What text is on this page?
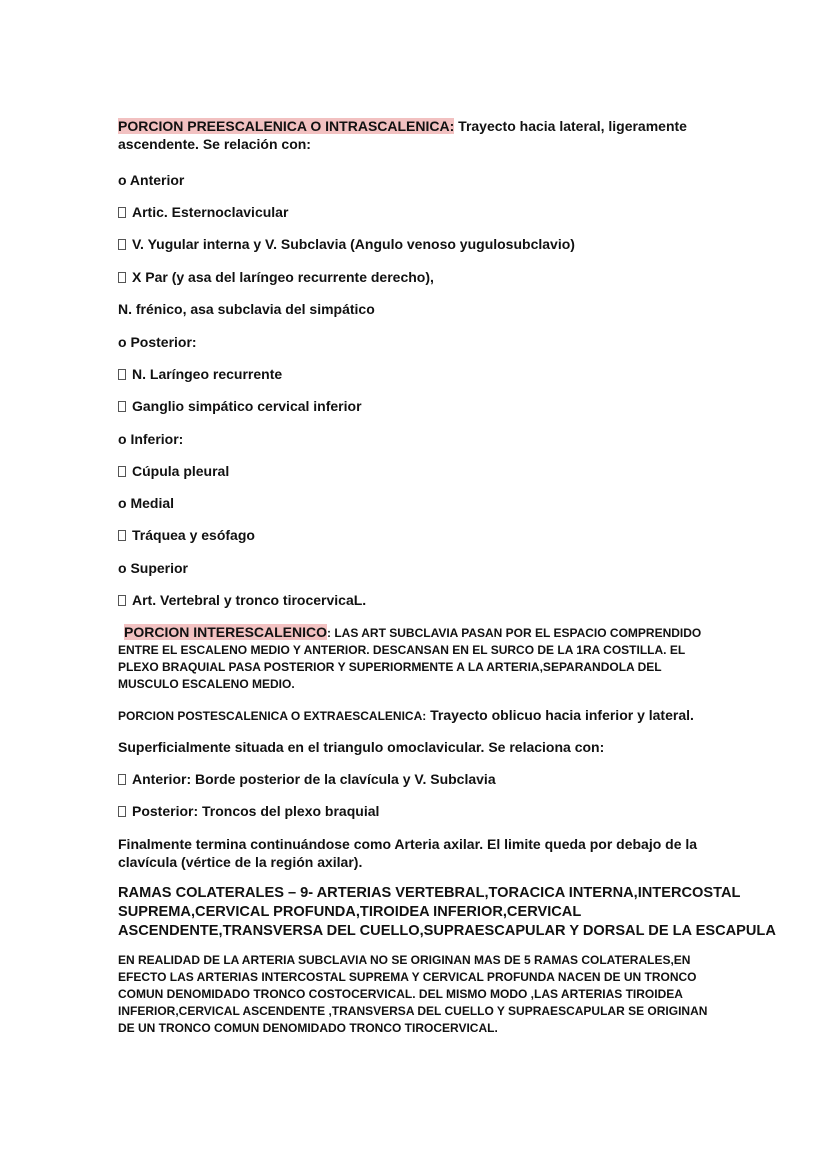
PORCION PREESCALENICA O INTRASCALENICA: Trayecto hacia lateral, ligeramente
ascendente. Se relación con:

o Anterior

Artic. Esternoclavicular

V. Yugular interna y V. Subclavia (Angulo venoso yugulosubclavio)

X Par (y asa del laríngeo recurrente derecho),

N. frénico, asa subclavia del simpático

o Posterior:

N. Laríngeo recurrente

Ganglio simpático cervical inferior

o Inferior:

Cúpula pleural

o Medial

Tráquea y esófago

o Superior

Art. Vertebral y tronco tirocervicaL.

PORCION INTERESCALENICO: LAS ART SUBCLAVIA PASAN POR EL ESPACIO COMPRENDIDO
ENTRE EL ESCALENO MEDIO Y ANTERIOR. DESCANSAN EN EL SURCO DE LA 1RA COSTILLA. EL
PLEXO BRAQUIAL PASA POSTERIOR Y SUPERIORMENTE A LA ARTERIA,SEPARANDOLA DEL
MUSCULO ESCALENO MEDIO.

PORCION POSTESCALENICA O EXTRAESCALENICA: Trayecto oblicuo hacia inferior y lateral.

Superficialmente situada en el triangulo omoclavicular. Se relaciona con:

Anterior: Borde posterior de la clavícula y V. Subclavia

Posterior: Troncos del plexo braquial

Finalmente termina continuándose como Arteria axilar. El limite queda por debajo de la
clavícula (vértice de la región axilar).

RAMAS COLATERALES – 9- ARTERIAS VERTEBRAL,TORACICA INTERNA,INTERCOSTAL
SUPREMA,CERVICAL PROFUNDA,TIROIDEA INFERIOR,CERVICAL
ASCENDENTE,TRANSVERSA DEL CUELLO,SUPRAESCAPULAR Y DORSAL DE LA ESCAPULA

EN REALIDAD DE LA ARTERIA SUBCLAVIA NO SE ORIGINAN MAS DE 5 RAMAS COLATERALES,EN
EFECTO LAS ARTERIAS INTERCOSTAL SUPREMA Y CERVICAL PROFUNDA NACEN DE UN TRONCO
COMUN DENOMIDADO TRONCO COSTOCERVICAL. DEL MISMO MODO ,LAS ARTERIAS TIROIDEA
INFERIOR,CERVICAL ASCENDENTE ,TRANSVERSA DEL CUELLO Y SUPRAESCAPULAR SE ORIGINAN
DE UN TRONCO COMUN DENOMIDADO TRONCO TIROCERVICAL.
